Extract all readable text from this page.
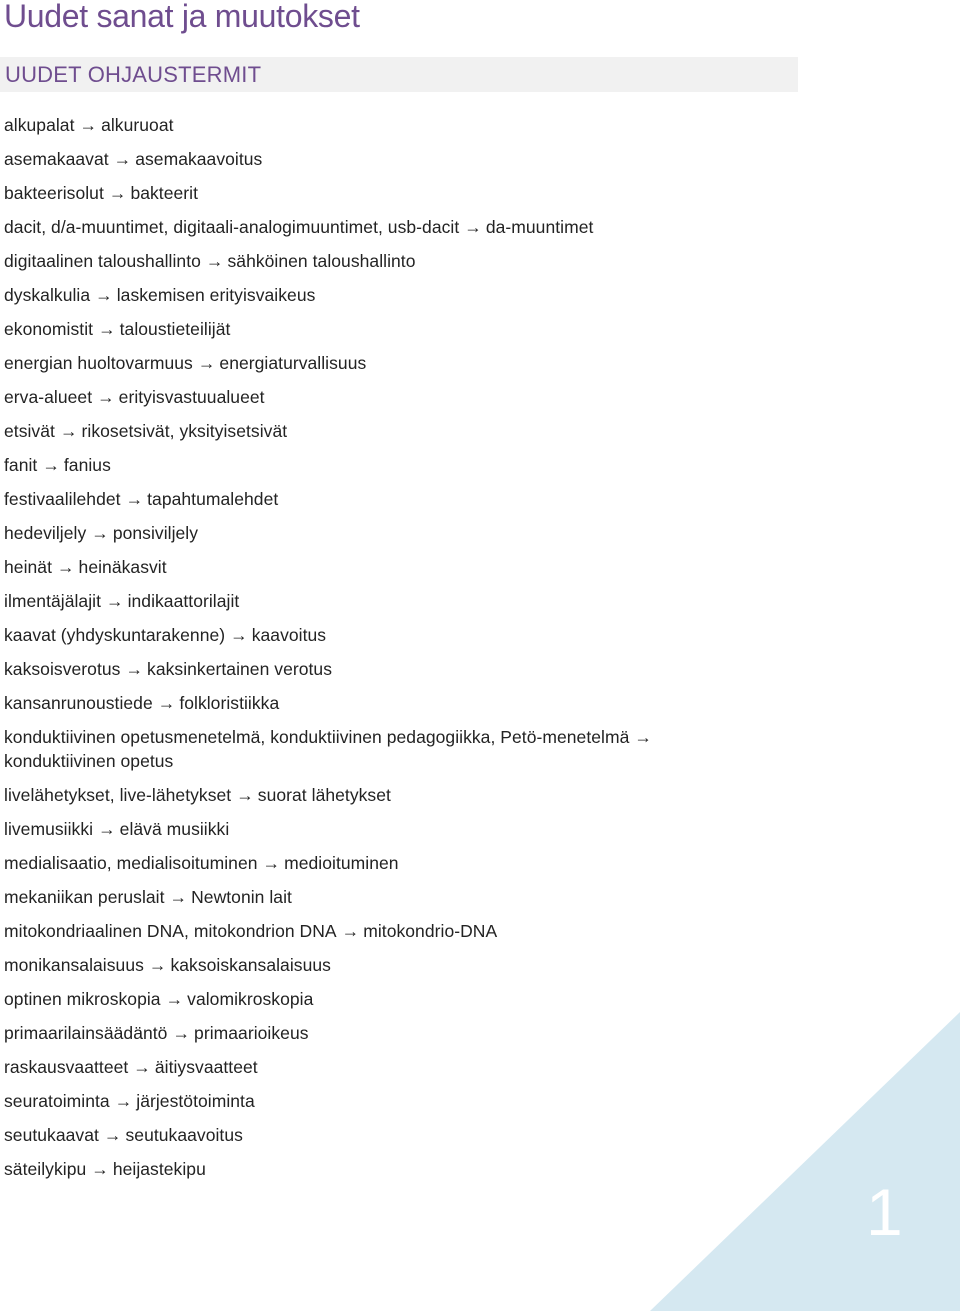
Uudet sanat ja muutokset
UUDET OHJAUSTERMIT
alkupalat → alkuruoat
asemakaavat → asemakaavoitus
bakteerisolut → bakteerit
dacit, d/a-muuntimet, digitaali-analogimuuntimet, usb-dacit → da-muuntimet
digitaalinen taloushallinto → sähköinen taloushallinto
dyskalkulia → laskemisen erityisvaikeus
ekonomistit → taloustieteilijät
energian huoltovarmuus → energiaturvallisuus
erva-alueet → erityisvastuualueet
etsivät → rikosetsivät, yksityisetsivät
fanit → fanius
festivaalilehdet → tapahtumalehdet
hedeviljely → ponsiviljely
heinät → heinäkasvit
ilmentäjälajit → indikaattorilajit
kaavat (yhdyskuntarakenne) → kaavoitus
kaksoisverotus → kaksinkertainen verotus
kansanrunoustiede → folkloristiikka
konduktiivinen opetusmenetelmä, konduktiivinen pedagogiikka, Petö-menetelmä →konduktiivinen opetus
livelähetykset, live-lähetykset → suorat lähetykset
livemusiikki → elävä musiikki
medialisaatio, medialisoituminen → medioituminen
mekaniikan peruslait → Newtonin lait
mitokondriaalinen DNA, mitokondrion DNA → mitokondrio-DNA
monikansalaisuus → kaksoiskansalaisuus
optinen mikroskopia → valomikroskopia
primaarilainsäädäntö → primaarioikeus
raskausvaatteet → äitiysvaatteet
seuratoiminta → järjestötoiminta
seutukaavat → seutukaavoitus
säteilykipu → heijastekipu
1
